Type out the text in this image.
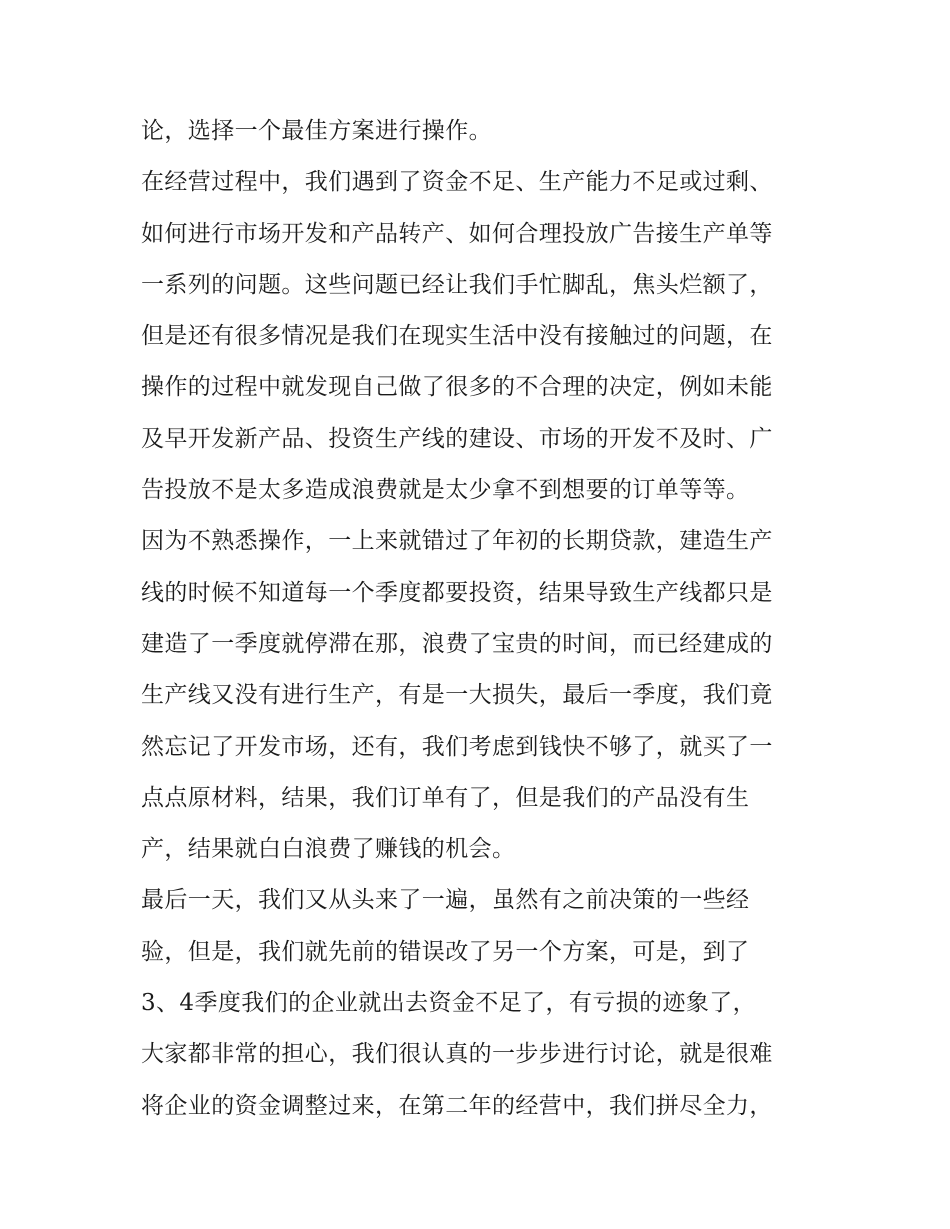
论，选择一个最佳方案进行操作。
在经营过程中，我们遇到了资金不足、生产能力不足或过剩、
如何进行市场开发和产品转产、如何合理投放广告接生产单等
一系列的问题。这些问题已经让我们手忙脚乱，焦头烂额了，
但是还有很多情况是我们在现实生活中没有接触过的问题，在
操作的过程中就发现自己做了很多的不合理的决定，例如未能
及早开发新产品、投资生产线的建设、市场的开发不及时、广
告投放不是太多造成浪费就是太少拿不到想要的订单等等。
因为不熟悉操作，一上来就错过了年初的长期贷款，建造生产
线的时候不知道每一个季度都要投资，结果导致生产线都只是
建造了一季度就停滞在那，浪费了宝贵的时间，而已经建成的
生产线又没有进行生产，有是一大损失，最后一季度，我们竟
然忘记了开发市场，还有，我们考虑到钱快不够了，就买了一
点点原材料，结果，我们订单有了，但是我们的产品没有生
产，结果就白白浪费了赚钱的机会。
最后一天，我们又从头来了一遍，虽然有之前决策的一些经
验，但是，我们就先前的错误改了另一个方案，可是，到了
3、4季度我们的企业就出去资金不足了，有亏损的迹象了，
大家都非常的担心，我们很认真的一步步进行讨论，就是很难
将企业的资金调整过来，在第二年的经营中，我们拼尽全力，
